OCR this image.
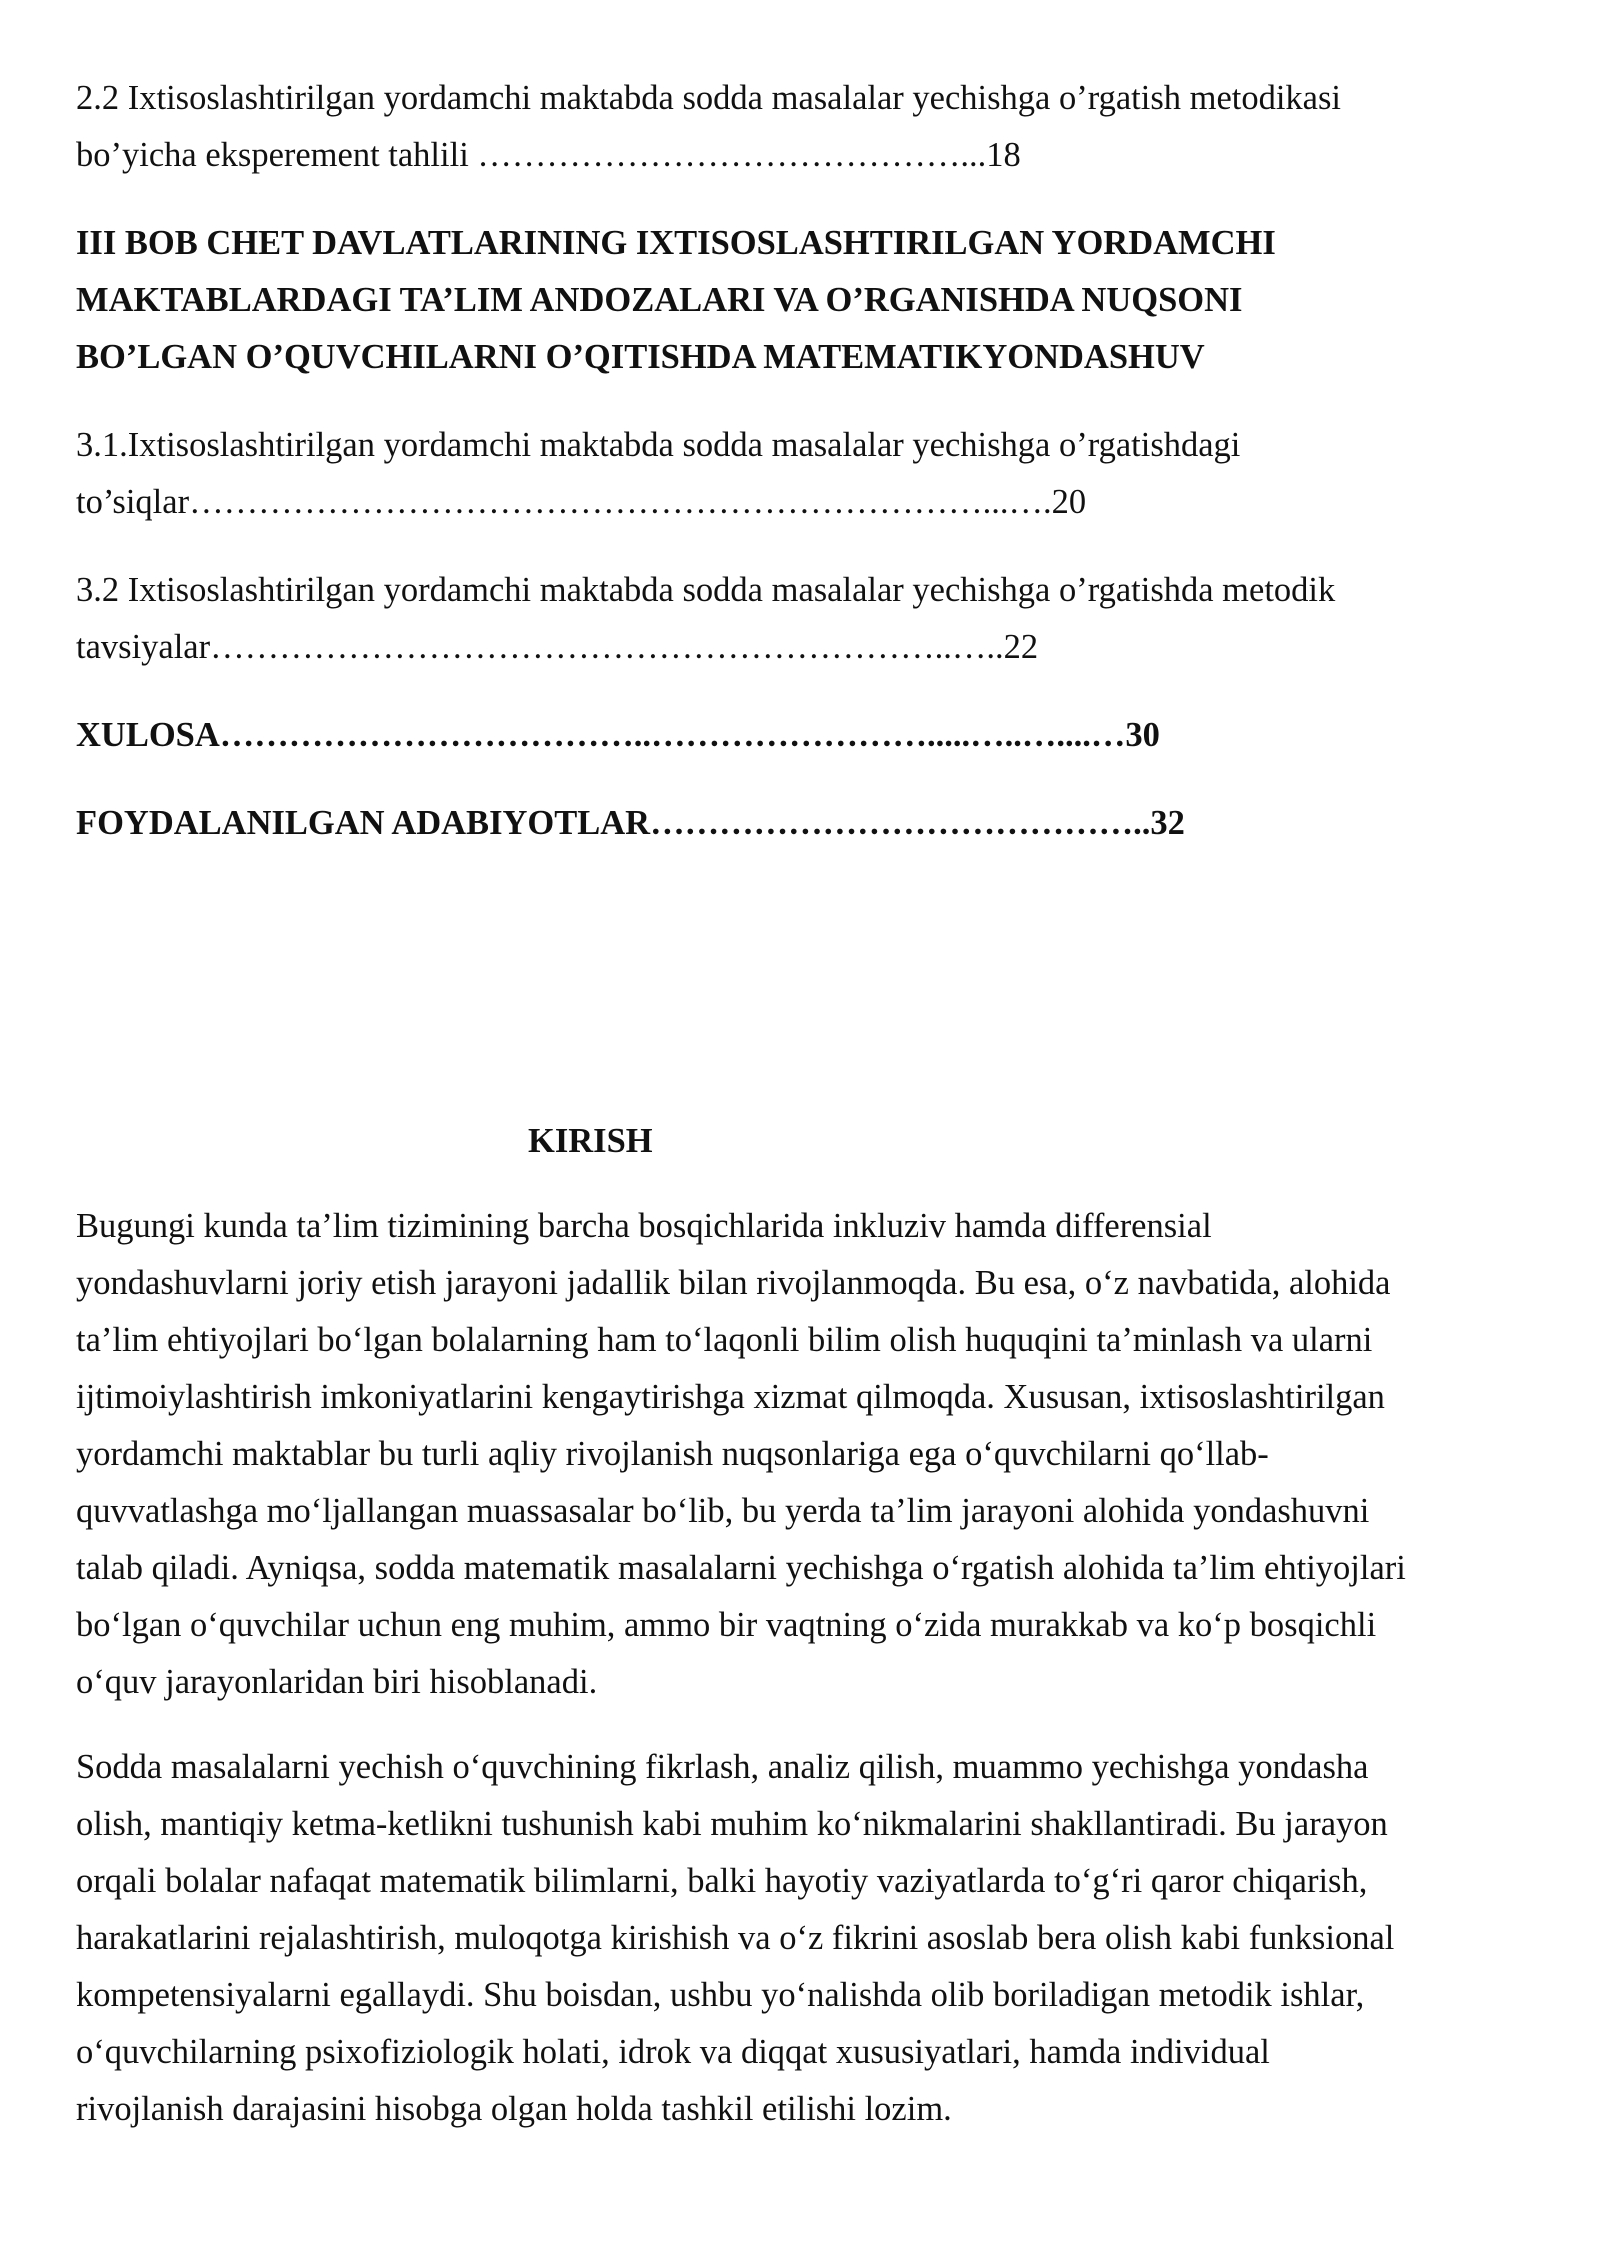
2.2 Ixtisoslashtirilgan yordamchi maktabda sodda masalalar yechishga o’rgatish metodikasi
bo’yicha eksperement tahlili ……………………………………...18
III BOB CHET DAVLATLARINING IXTISOSLASHTIRILGAN YORDAMCHI
MAKTABLARDAGI TA’LIM ANDOZALARI VA O’RGANISHDA NUQSONI
BO’LGAN O’QUVCHILARNI O’QITISHDA MATEMATIKYONDASHUV
3.1.Ixtisoslashtirilgan yordamchi maktabda sodda masalalar yechishga o’rgatishdagi
to’siqlar……………………………………………………………...….20
3.2 Ixtisoslashtirilgan yordamchi maktabda sodda masalalar yechishga o’rgatishda metodik
tavsiyalar………………………………………………………..…..22
XULOSA………………………………..…………………….....…..…....…30
FOYDALANILGAN ADABIYOTLAR……………………………………..32
KIRISH
Bugungi kunda ta’lim tizimining barcha bosqichlarida inkluziv hamda differensial
yondashuvlarni joriy etish jarayoni jadallik bilan rivojlanmoqda. Bu esa, o‘z navbatida, alohida
ta’lim ehtiyojlari bo‘lgan bolalarning ham to‘laqonli bilim olish huquqini ta’minlash va ularni
ijtimoiylashtirish imkoniyatlarini kengaytirishga xizmat qilmoqda. Xususan, ixtisoslashtirilgan
yordamchi maktablar bu turli aqliy rivojlanish nuqsonlariga ega o‘quvchilarni qo‘llab-
quvvatlashga mo‘ljallangan muassasalar bo‘lib, bu yerda ta’lim jarayoni alohida yondashuvni
talab qiladi. Ayniqsa, sodda matematik masalalarni yechishga o‘rgatish alohida ta’lim ehtiyojlari
bo‘lgan o‘quvchilar uchun eng muhim, ammo bir vaqtning o‘zida murakkab va ko‘p bosqichli
o‘quv jarayonlaridan biri hisoblanadi.
Sodda masalalarni yechish o‘quvchining fikrlash, analiz qilish, muammo yechishga yondasha
olish, mantiqiy ketma-ketlikni tushunish kabi muhim ko‘nikmalarini shakllantiradi. Bu jarayon
orqali bolalar nafaqat matematik bilimlarni, balki hayotiy vaziyatlarda to‘g‘ri qaror chiqarish,
harakatlarini rejalashtirish, muloqotga kirishish va o‘z fikrini asoslab bera olish kabi funksional
kompetensiyalarni egallaydi. Shu boisdan, ushbu yo‘nalishda olib boriladigan metodik ishlar,
o‘quvchilarning psixofiziologik holati, idrok va diqqat xususiyatlari, hamda individual
rivojlanish darajasini hisobga olgan holda tashkil etilishi lozim.
